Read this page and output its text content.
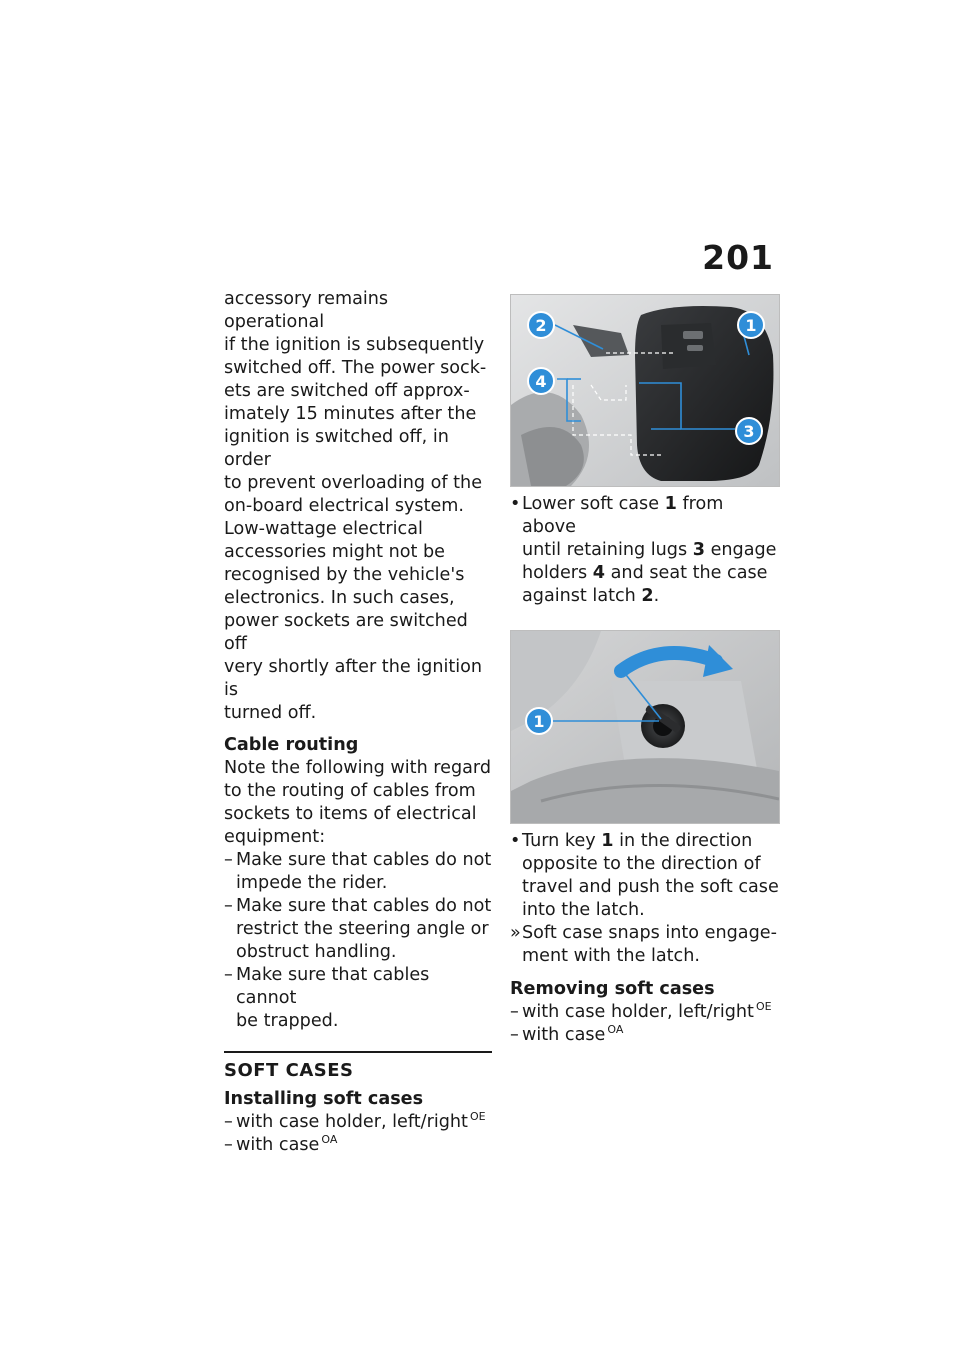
201
accessory remains operational
if the ignition is subsequently
switched off. The power sock-
ets are switched off approx-
imately 15 minutes after the
ignition is switched off, in order
to prevent overloading of the
on-board electrical system.
Low-wattage electrical
accessories might not be
recognised by the vehicle's
electronics. In such cases,
power sockets are switched off
very shortly after the ignition is
turned off.
Cable routing
Note the following with regard
to the routing of cables from
sockets to items of electrical
equipment:
– Make sure that cables do not
impede the rider.
– Make sure that cables do not
restrict the steering angle or
obstruct handling.
– Make sure that cables cannot
be trapped.
SOFT CASES
Installing soft cases
– with case holder, left/right $^{OE}$
– with case $^{OA}$
1
2
3
4
• Lower soft case 1 from above
until retaining lugs 3 engage
holders 4 and seat the case
against latch 2.
1
• Turn key 1 in the direction
opposite to the direction of
travel and push the soft case
into the latch.
» Soft case snaps into engage-
ment with the latch.
Removing soft cases
– with case holder, left/right $^{OE}$
– with case $^{OA}$
